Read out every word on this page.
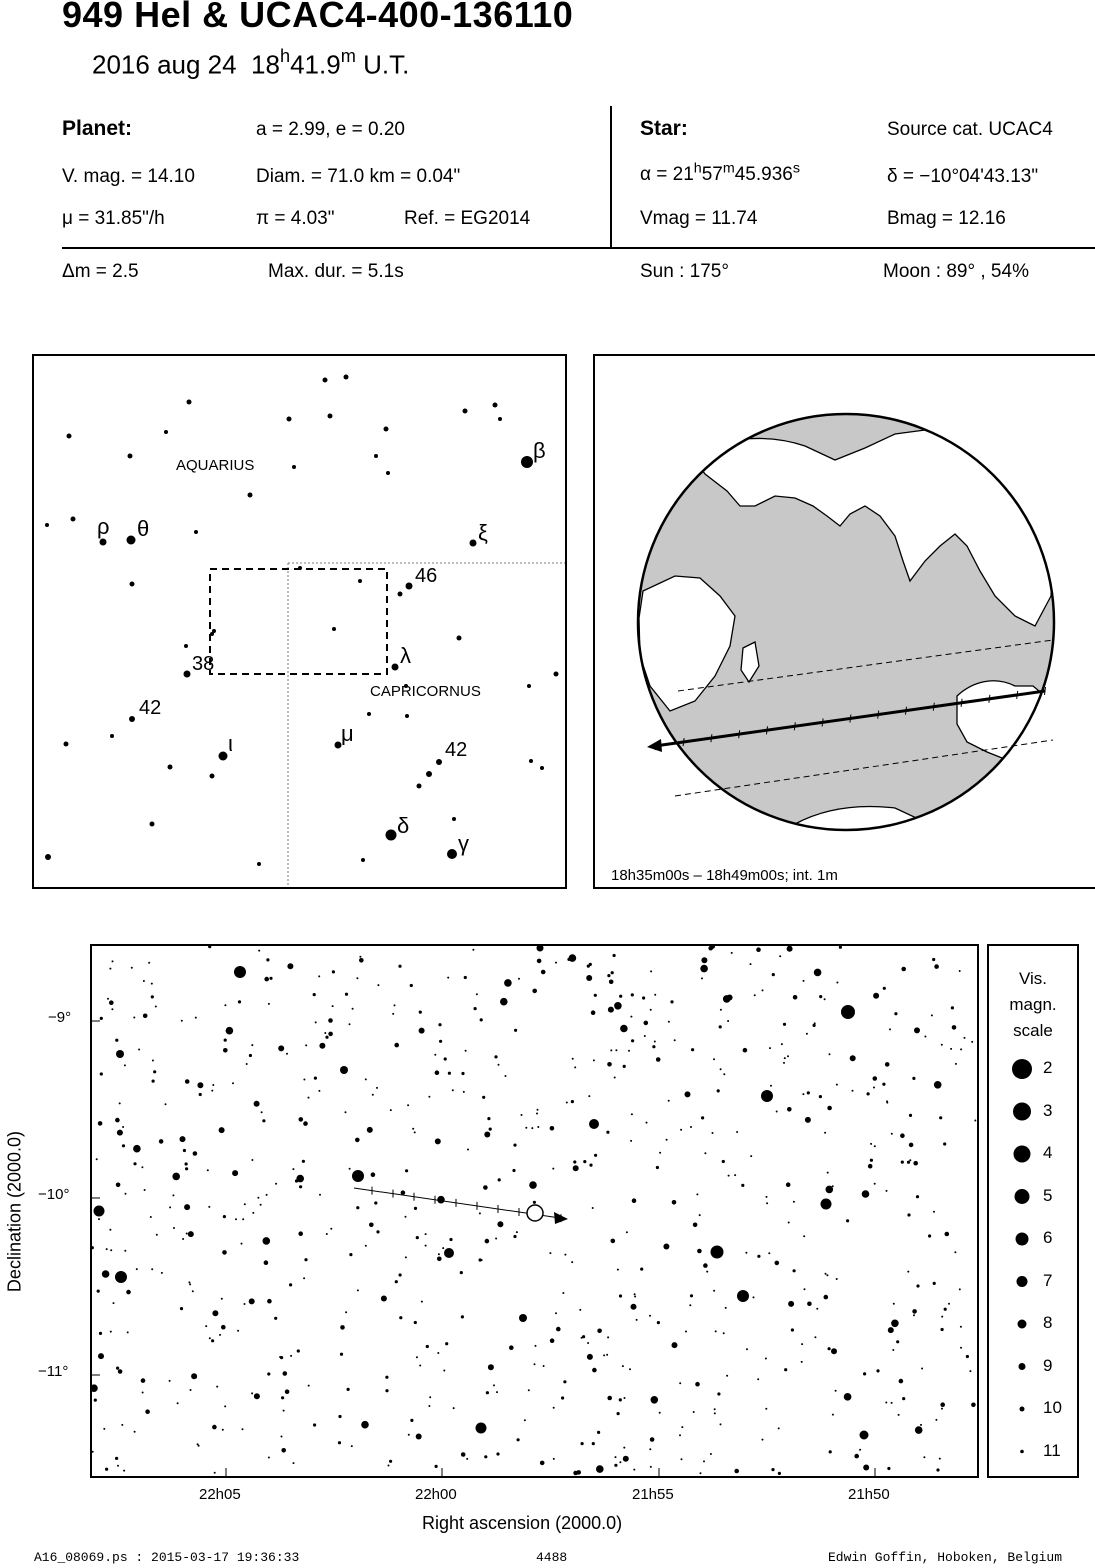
949 Hel & UCAC4-400-136110
2016 aug 24 18$^h$41.9$^m$ U.T.
Planet:	a = 2.99, e = 0.20
V. mag. = 14.10	Diam. = 71.0 km = 0.04"
μ = 31.85"/h	π = 4.03"	Ref. = EG2014
Star:	Source cat. UCAC4
$\alpha = 21^h57^m45.936^s$	δ = −10°04'43.13"
Vmag = 11.74	Bmag = 12.16
Δm = 2.5	Max. dur. = 5.1s	Sun : 175°	Moon : 89° , 54%
AQUARIUS
CAPRICORNUS
β
ρ θ	ξ
46
38	λ
42
ι	μ
42
δ
γ
18h35m00s – 18h49m00s; int. 1m
−9°
−10°
−11°
22h05	22h00	21h55	21h50
Right ascension (2000.0)
Declination (2000.0)
Vis.
magn.
scale
2
3
4
5
6
7
8
9
10
11
A16_08069.ps : 2015-03-17 19:36:33	4488	Edwin Goffin, Hoboken, Belgium
